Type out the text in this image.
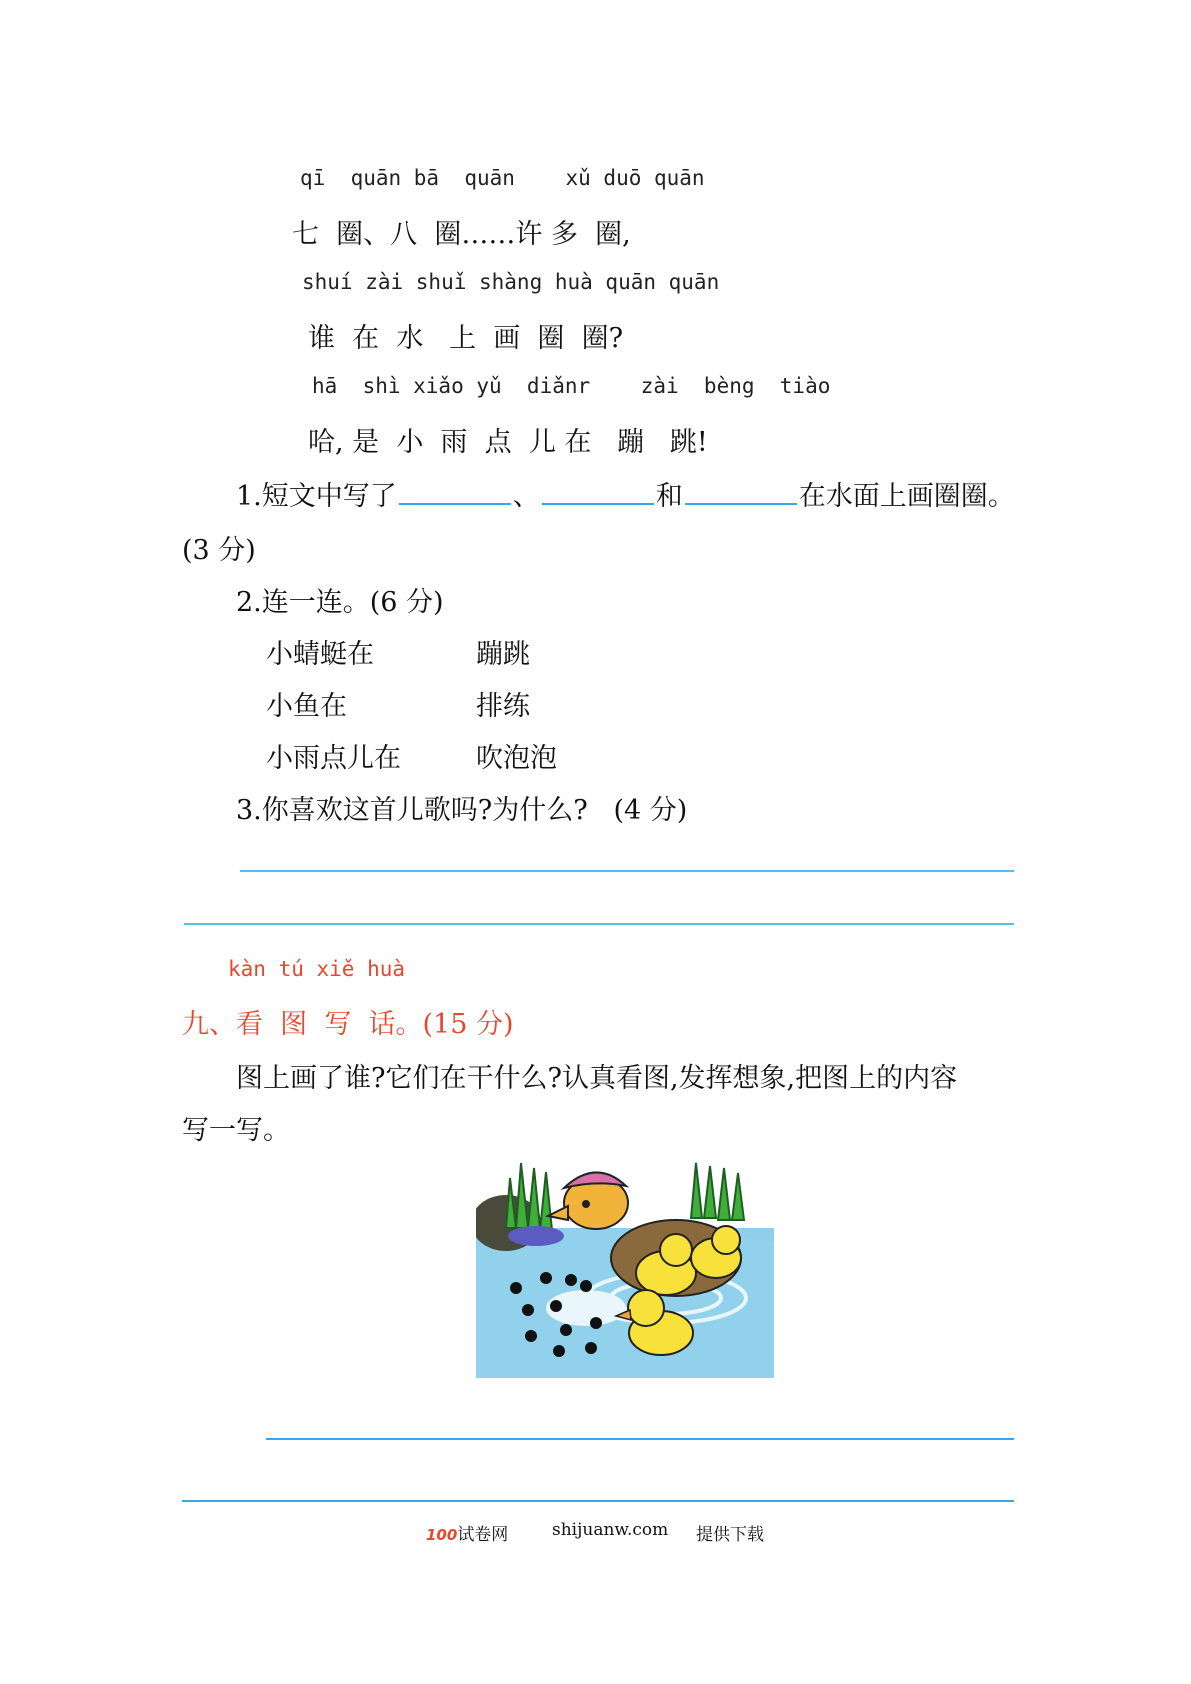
qī  quān bā  quān    xǔ duō quān
七  圈、八  圈……许 多  圈,
shuí zài shuǐ shàng huà quān quān
谁  在  水   上  画  圈  圈?
hā  shì xiǎo yǔ  diǎnr    zài  bèng  tiào
哈, 是  小  雨  点  儿 在   蹦   跳!
1.短文中写了	、	和	在水面上画圈圈。
(3 分)
2.连一连。(6 分)
小蜻蜓在	蹦跳
小鱼在	排练
小雨点儿在	吹泡泡
3.你喜欢这首儿歌吗?为什么?   (4 分)
kàn tú xiě huà
九、看  图  写  话。(15 分)
图上画了谁?它们在干什么?认真看图,发挥想象,把图上的内容
写一写。
100试卷网	shijuanw.com 提供下载
